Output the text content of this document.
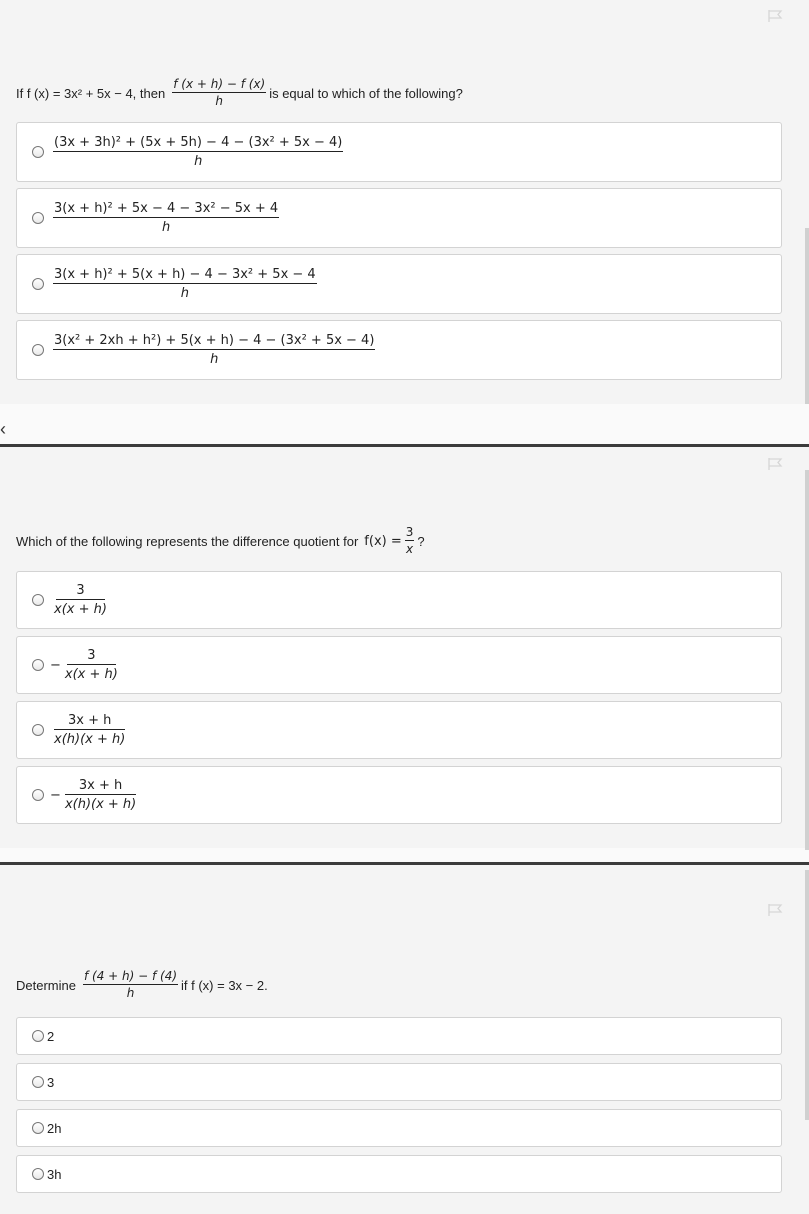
If f (x) = 3x² + 5x − 4, then $\frac{f (x + h) - f (x)}{h}$ is equal to which of the following?
$\frac{\text{(3x + 3h)² + (5x + 5h) − 4 − (3x² + 5x − 4)}}{h}$
$\frac{\text{3(x + h)² + 5x − 4 − 3x² − 5x + 4}}{h}$
$\frac{\text{3(x + h)² + 5(x + h) − 4 − 3x² + 5x − 4}}{h}$
$\frac{\text{3(x² + 2xh + h²) + 5(x + h) − 4 − (3x² + 5x − 4)}}{h}$
‹
Which of the following represents the difference quotient for $f(x) = \frac{3}{x}$ ?
$\frac{3}{x(x + h)}$
− $\frac{3}{x(x + h)}$
$\frac{3x + h}{x(h)(x + h)}$
− $\frac{3x + h}{x(h)(x + h)}$
Determine $\frac{f (4 + h) - f (4)}{h}$ if f (x) = 3x − 2.
2
3
2h
3h
